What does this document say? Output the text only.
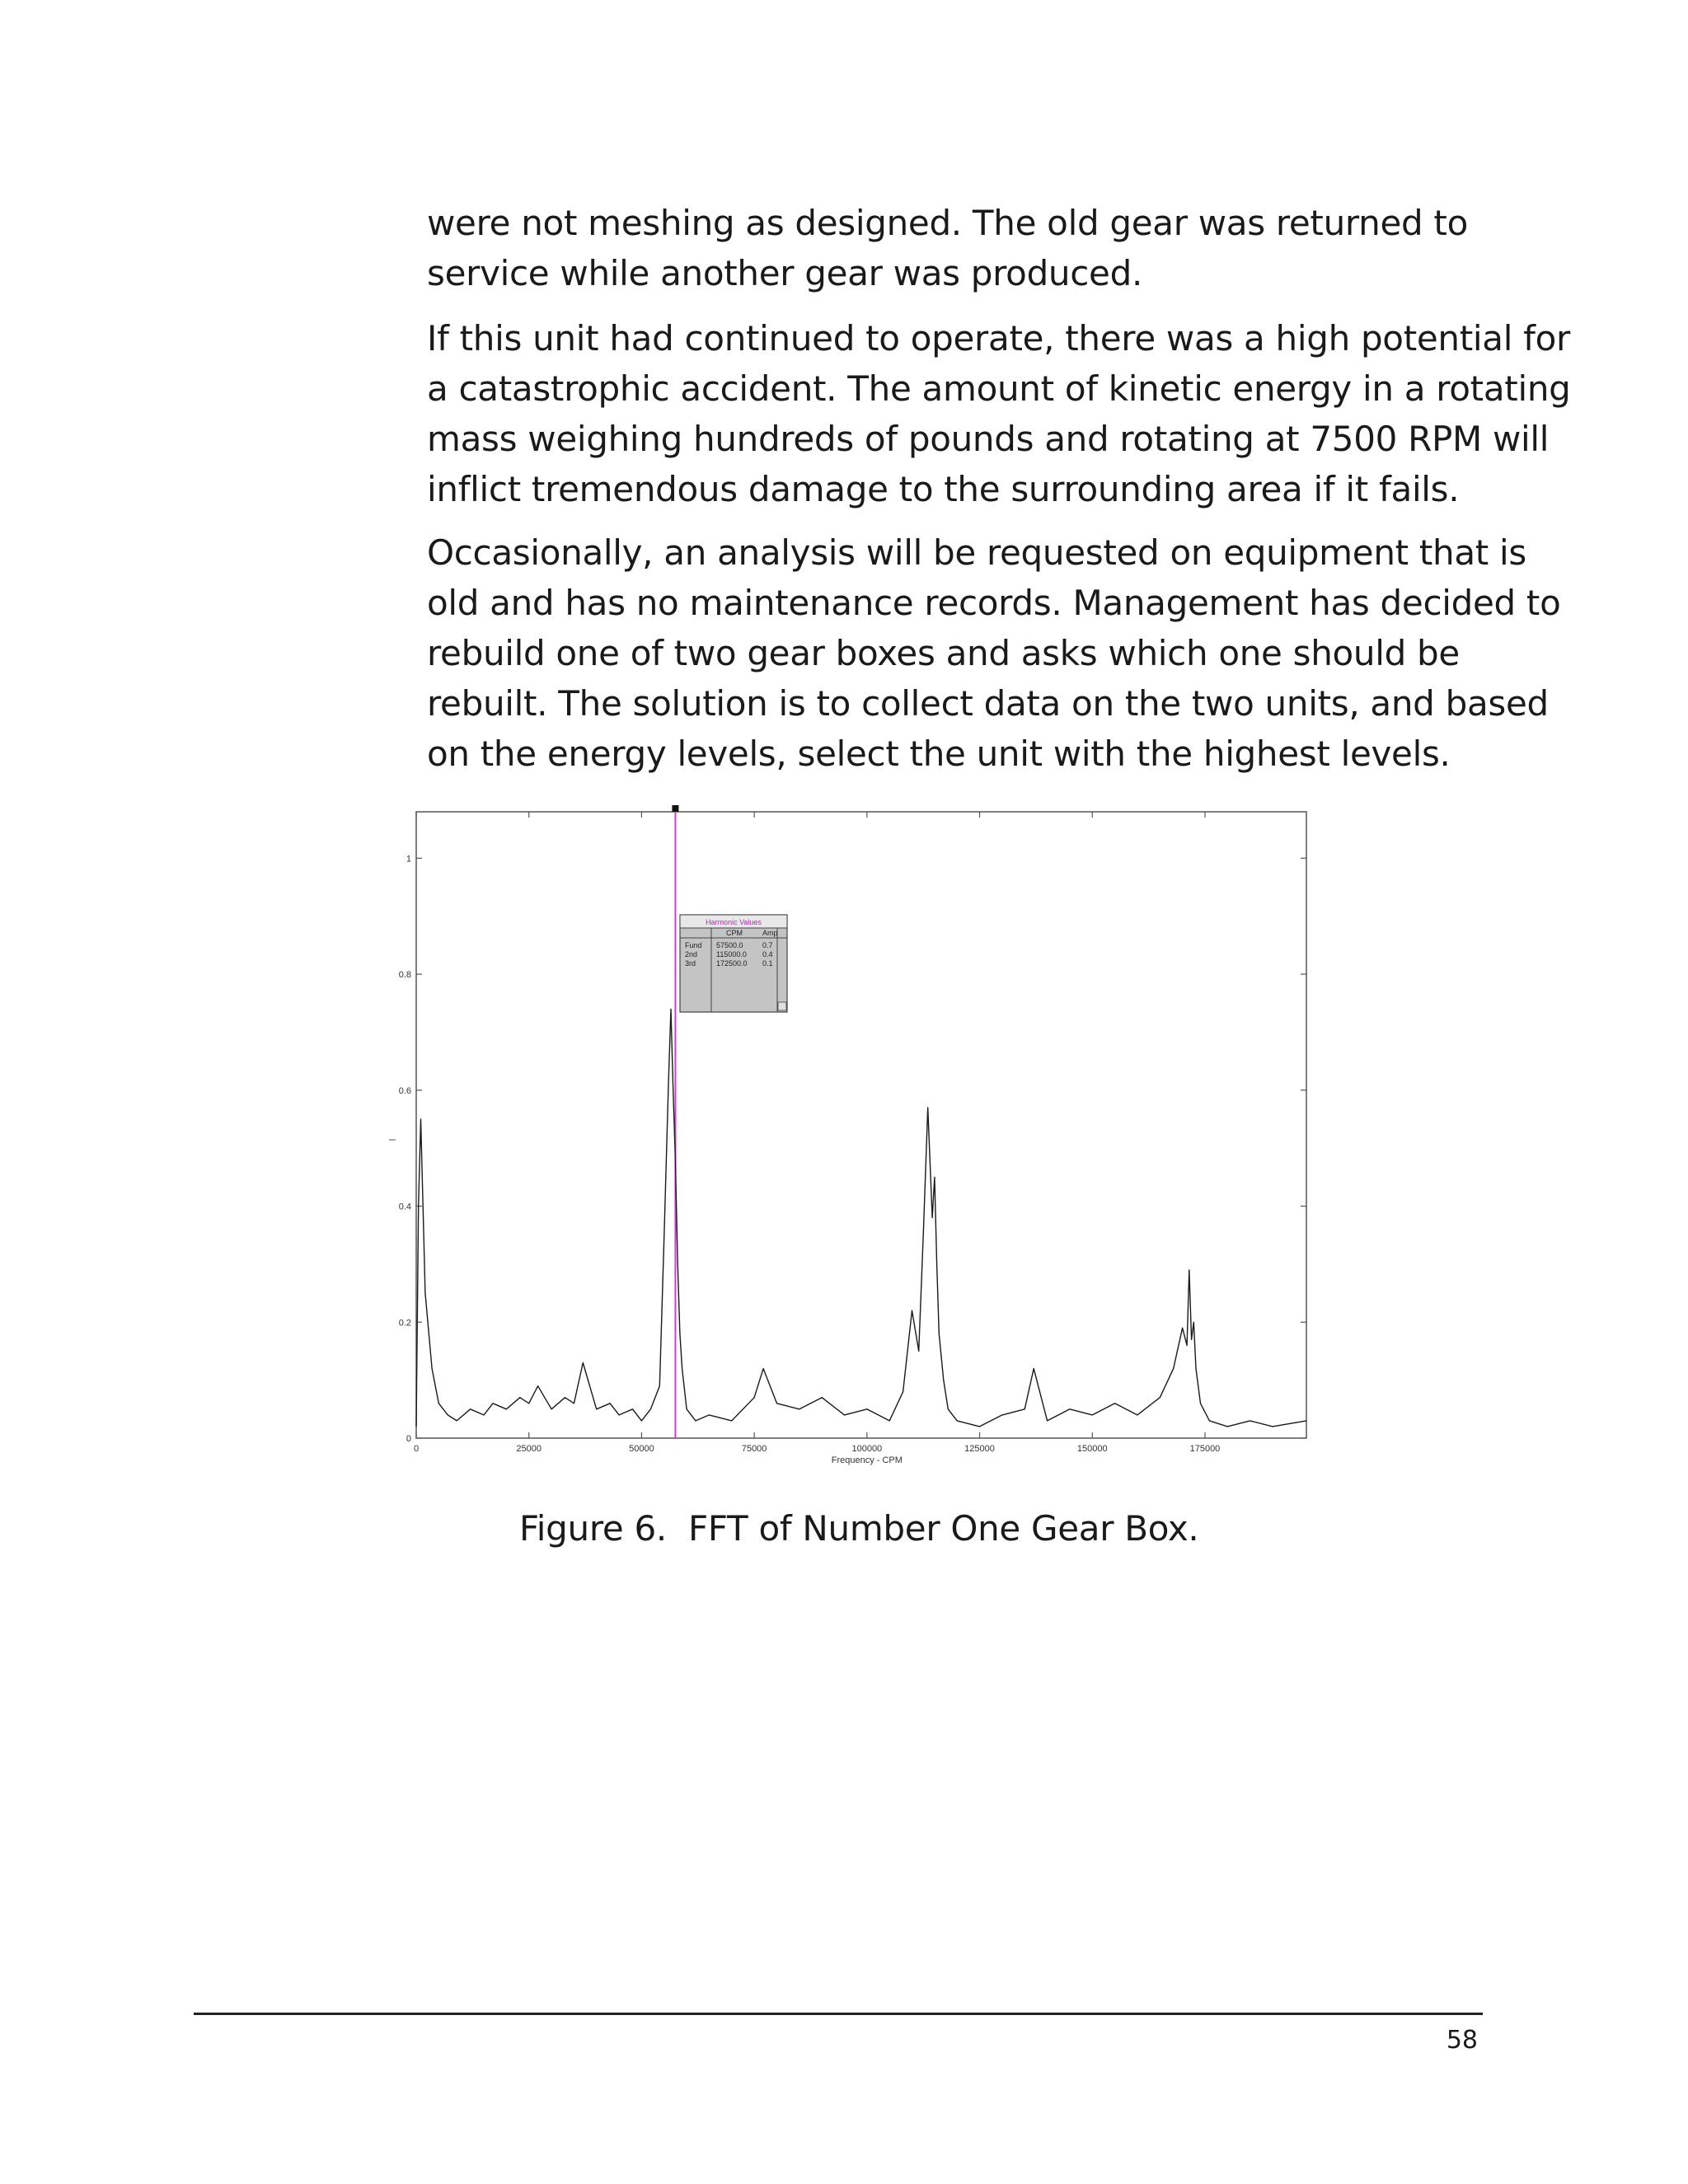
were not meshing as designed. The old gear was returned to
service while another gear was produced.
If this unit had continued to operate, there was a high potential for
a catastrophic accident. The amount of kinetic energy in a rotating
mass weighing hundreds of pounds and rotating at 7500 RPM will
inflict tremendous damage to the surrounding area if it fails.
Occasionally, an analysis will be requested on equipment that is
old and has no maintenance records. Management has decided to
rebuild one of two gear boxes and asks which one should be
rebuilt. The solution is to collect data on the two units, and based
on the energy levels, select the unit with the highest levels.
0
0.2
0.4
0.6
0.8
1
0	25000	50000	75000	100000	125000	150000	175000
Frequency - CPM
Harmonic Values
CPM	Amp
Fund 57500.0	0.7
2nd	115000.0 0.4
3rd	172500.0 0.1
Figure 6.  FFT of Number One Gear Box.
58
